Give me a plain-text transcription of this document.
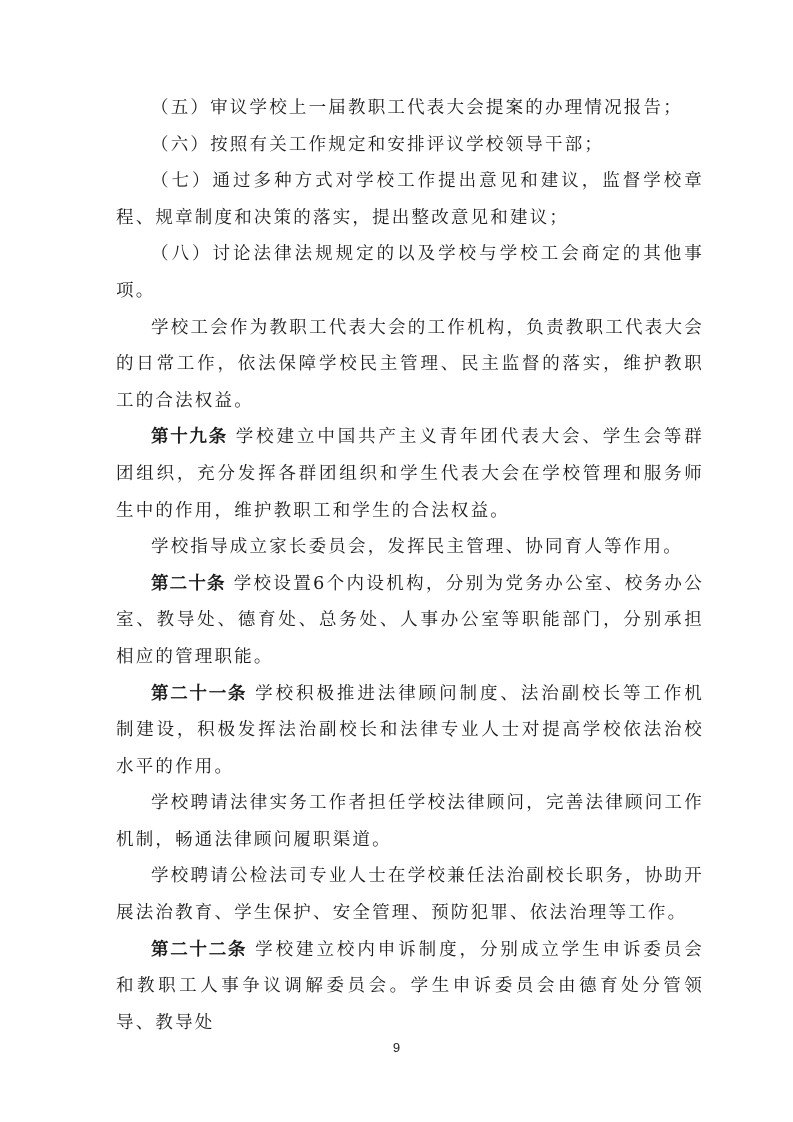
（五）审议学校上一届教职工代表大会提案的办理情况报告；

（六）按照有关工作规定和安排评议学校领导干部；

（七）通过多种方式对学校工作提出意见和建议，监督学校章程、规章制度和决策的落实，提出整改意见和建议；

（八）讨论法律法规规定的以及学校与学校工会商定的其他事项。

学校工会作为教职工代表大会的工作机构，负责教职工代表大会的日常工作，依法保障学校民主管理、民主监督的落实，维护教职工的合法权益。

第十九条 学校建立中国共产主义青年团代表大会、学生会等群团组织，充分发挥各群团组织和学生代表大会在学校管理和服务师生中的作用，维护教职工和学生的合法权益。

学校指导成立家长委员会，发挥民主管理、协同育人等作用。

第二十条 学校设置6个内设机构，分别为党务办公室、校务办公室、教导处、德育处、总务处、人事办公室等职能部门，分别承担相应的管理职能。

第二十一条 学校积极推进法律顾问制度、法治副校长等工作机制建设，积极发挥法治副校长和法律专业人士对提高学校依法治校水平的作用。

学校聘请法律实务工作者担任学校法律顾问，完善法律顾问工作机制，畅通法律顾问履职渠道。

学校聘请公检法司专业人士在学校兼任法治副校长职务，协助开展法治教育、学生保护、安全管理、预防犯罪、依法治理等工作。

第二十二条 学校建立校内申诉制度，分别成立学生申诉委员会和教职工人事争议调解委员会。学生申诉委员会由德育处分管领导、教导处

9
